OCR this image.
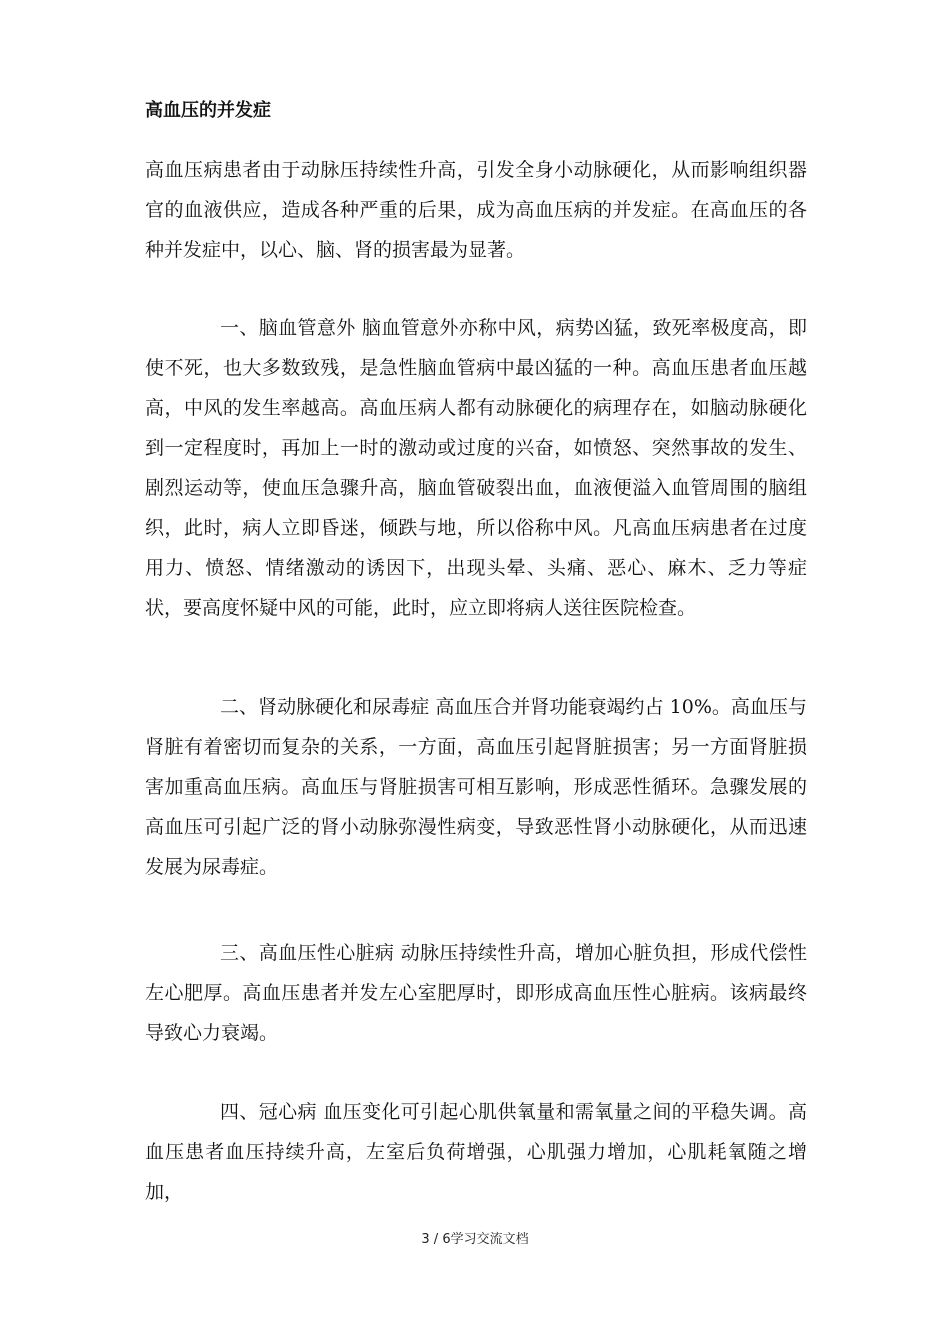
高血压的并发症

高血压病患者由于动脉压持续性升高，引发全身小动脉硬化，从而影响组织器官的血液供应，造成各种严重的后果，成为高血压病的并发症。在高血压的各种并发症中，以心、脑、肾的损害最为显著。

一、脑血管意外 脑血管意外亦称中风，病势凶猛，致死率极度高，即使不死，也大多数致残，是急性脑血管病中最凶猛的一种。高血压患者血压越高，中风的发生率越高。高血压病人都有动脉硬化的病理存在，如脑动脉硬化到一定程度时，再加上一时的激动或过度的兴奋，如愤怒、突然事故的发生、剧烈运动等，使血压急骤升高，脑血管破裂出血，血液便溢入血管周围的脑组织，此时，病人立即昏迷，倾跌与地，所以俗称中风。凡高血压病患者在过度用力、愤怒、情绪激动的诱因下，出现头晕、头痛、恶心、麻木、乏力等症状，要高度怀疑中风的可能，此时，应立即将病人送往医院检查。

二、肾动脉硬化和尿毒症 高血压合并肾功能衰竭约占 10%。高血压与肾脏有着密切而复杂的关系，一方面，高血压引起肾脏损害；另一方面肾脏损害加重高血压病。高血压与肾脏损害可相互影响，形成恶性循环。急骤发展的高血压可引起广泛的肾小动脉弥漫性病变，导致恶性肾小动脉硬化，从而迅速发展为尿毒症。

三、高血压性心脏病 动脉压持续性升高，增加心脏负担，形成代偿性左心肥厚。高血压患者并发左心室肥厚时，即形成高血压性心脏病。该病最终导致心力衰竭。

四、冠心病 血压变化可引起心肌供氧量和需氧量之间的平稳失调。高血压患者血压持续升高，左室后负荷增强，心肌强力增加，心肌耗氧随之增加，

3 / 6学习交流文档
